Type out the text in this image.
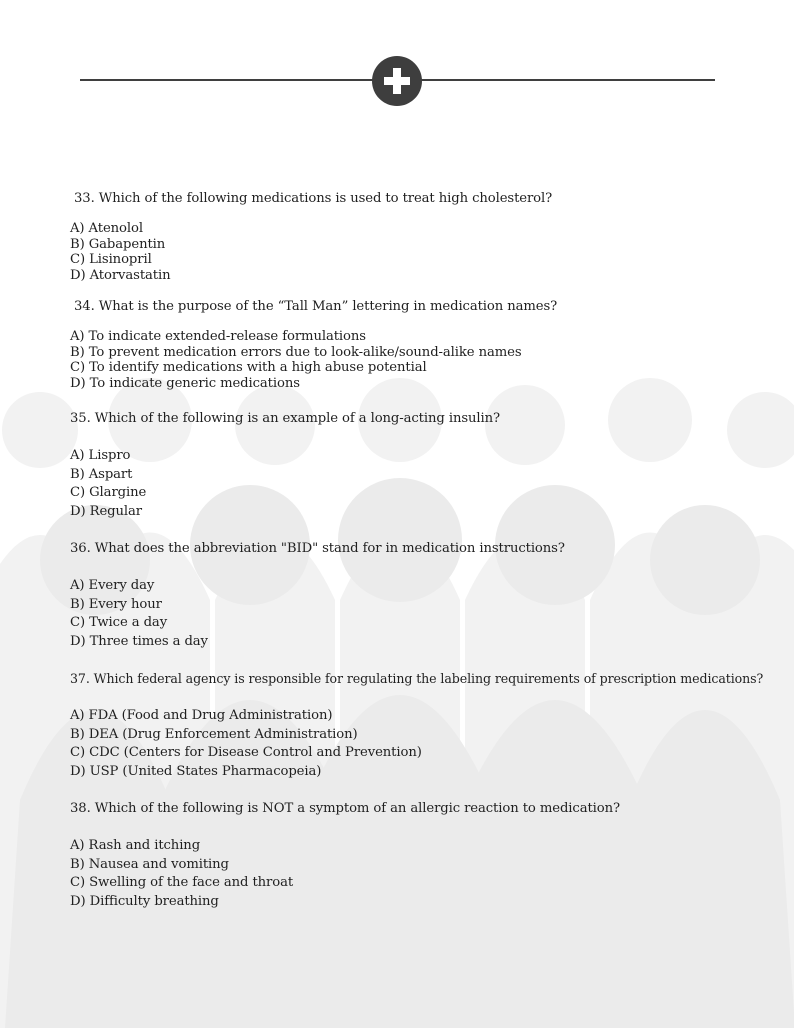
33. Which of the following medications is used to treat high cholesterol?

A) Atenolol
B) Gabapentin
C) Lisinopril
D) Atorvastatin

34. What is the purpose of the “Tall Man” lettering in medication names?

A) To indicate extended-release formulations
B) To prevent medication errors due to look-alike/sound-alike names
C) To identify medications with a high abuse potential
D) To indicate generic medications

35. Which of the following is an example of a long-acting insulin?

A) Lispro
B) Aspart
C) Glargine
D) Regular

36. What does the abbreviation "BID" stand for in medication instructions?

A) Every day
B) Every hour
C) Twice a day
D) Three times a day

37. Which federal agency is responsible for regulating the labeling requirements of prescription medications?

A) FDA (Food and Drug Administration)
B) DEA (Drug Enforcement Administration)
C) CDC (Centers for Disease Control and Prevention)
D) USP (United States Pharmacopeia)

38. Which of the following is NOT a symptom of an allergic reaction to medication?

A) Rash and itching
B) Nausea and vomiting
C) Swelling of the face and throat
D) Difficulty breathing
